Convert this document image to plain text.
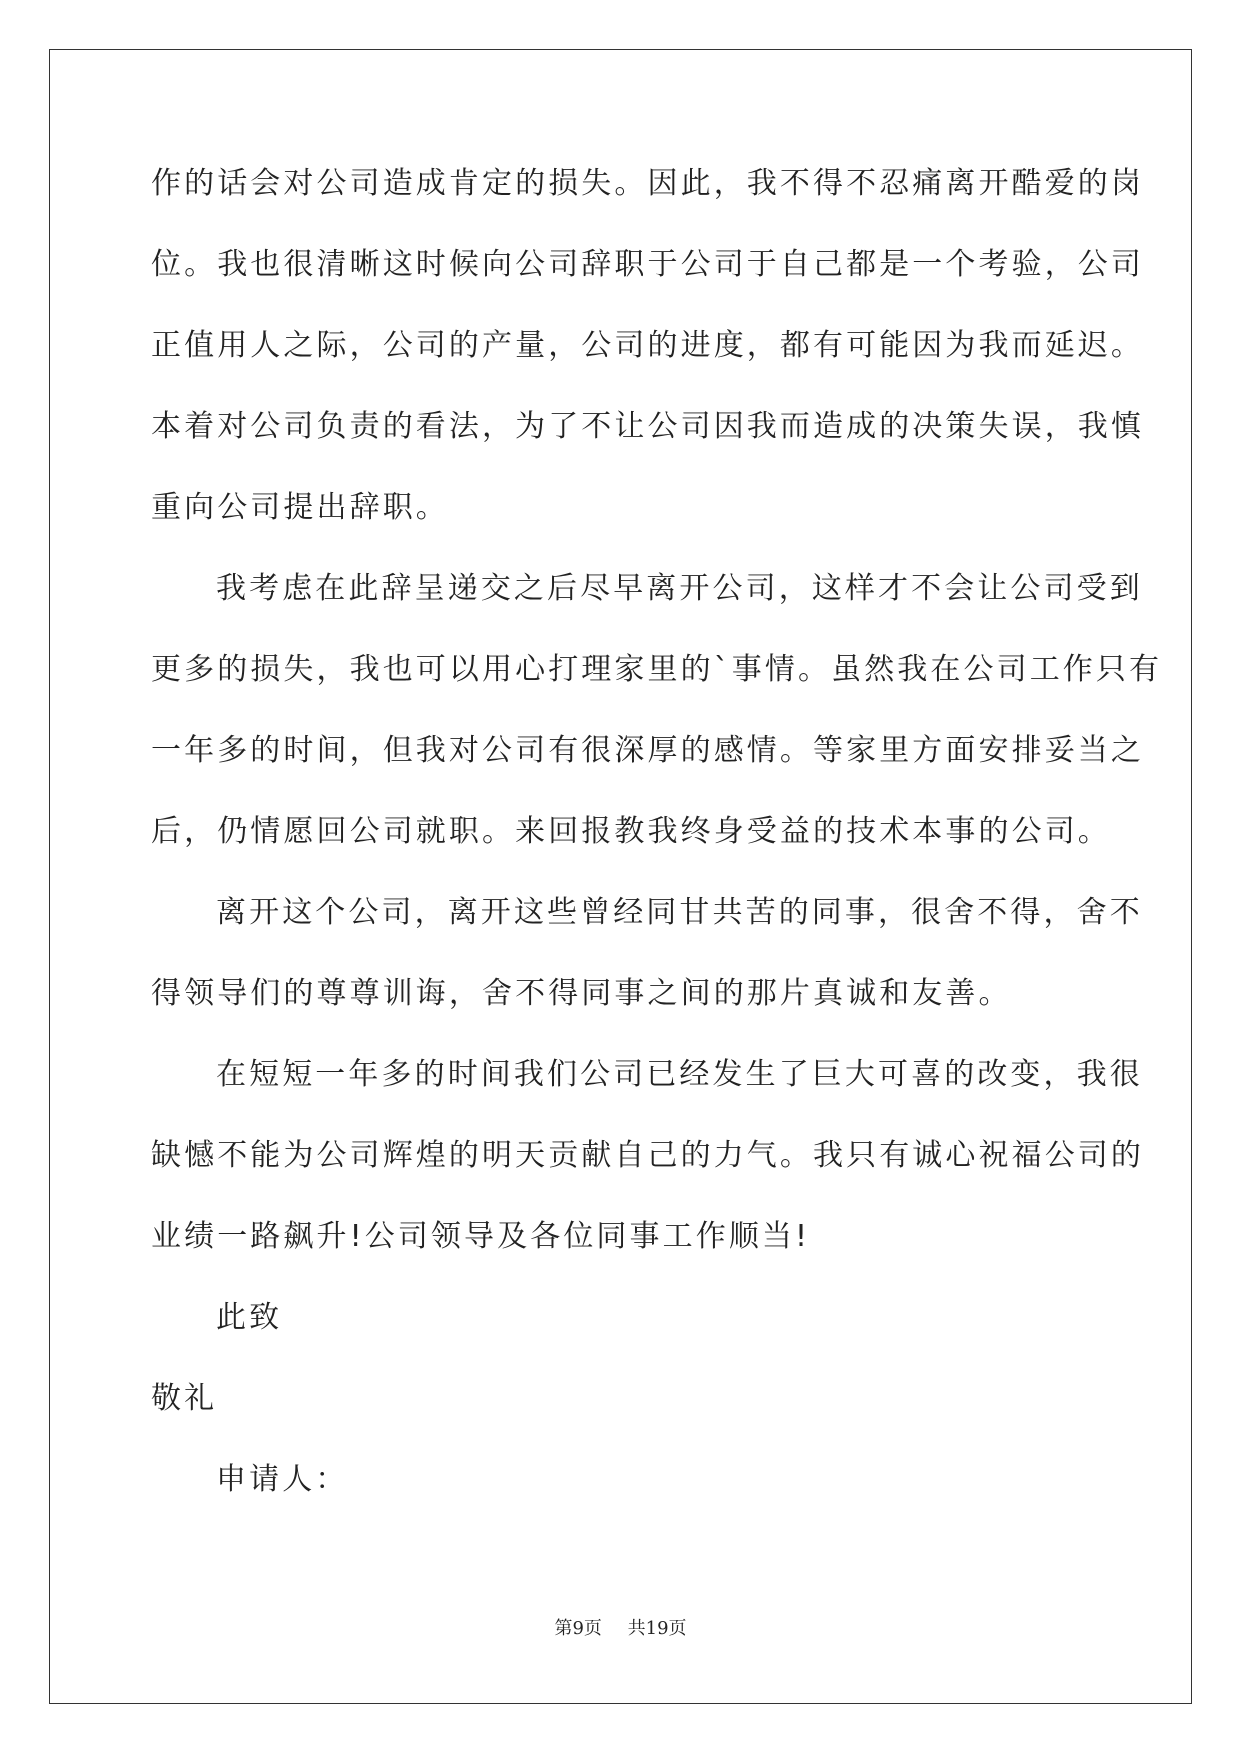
作的话会对公司造成肯定的损失。因此，我不得不忍痛离开酷爱的岗
位。我也很清晰这时候向公司辞职于公司于自己都是一个考验，公司
正值用人之际，公司的产量，公司的进度，都有可能因为我而延迟。
本着对公司负责的看法，为了不让公司因我而造成的决策失误，我慎
重向公司提出辞职。
我考虑在此辞呈递交之后尽早离开公司，这样才不会让公司受到
更多的损失，我也可以用心打理家里的`事情。虽然我在公司工作只有
一年多的时间，但我对公司有很深厚的感情。等家里方面安排妥当之
后，仍情愿回公司就职。来回报教我终身受益的技术本事的公司。
离开这个公司，离开这些曾经同甘共苦的同事，很舍不得，舍不
得领导们的尊尊训诲，舍不得同事之间的那片真诚和友善。
在短短一年多的时间我们公司已经发生了巨大可喜的改变，我很
缺憾不能为公司辉煌的明天贡献自己的力气。我只有诚心祝福公司的
业绩一路飙升!公司领导及各位同事工作顺当!
此致
敬礼
申请人：
第9页 共19页
